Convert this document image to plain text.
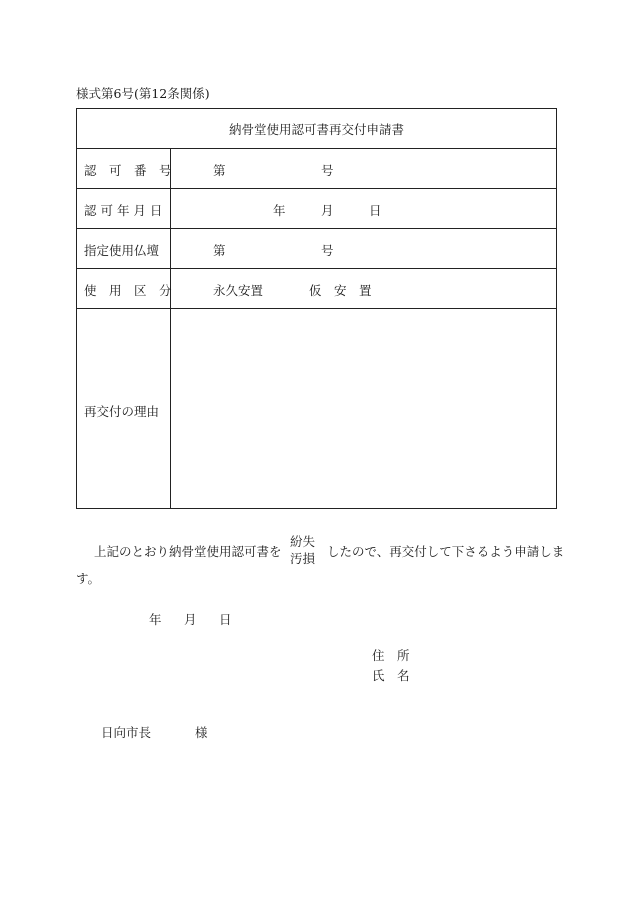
様式第6号(第12条関係)
納骨堂使用認可書再交付申請書
認　可　番　号	第	号
認 可 年 月 日	年	月	日
指定使用仏壇	第	号
使　用　区　分	永久安置	仮　安　置
再交付の理由
上記のとおり納骨堂使用認可書を
紛失
汚損 したので、再交付して下さるよう申請しま
す。
年 月 日
住　所
氏　名
日向市長	様
